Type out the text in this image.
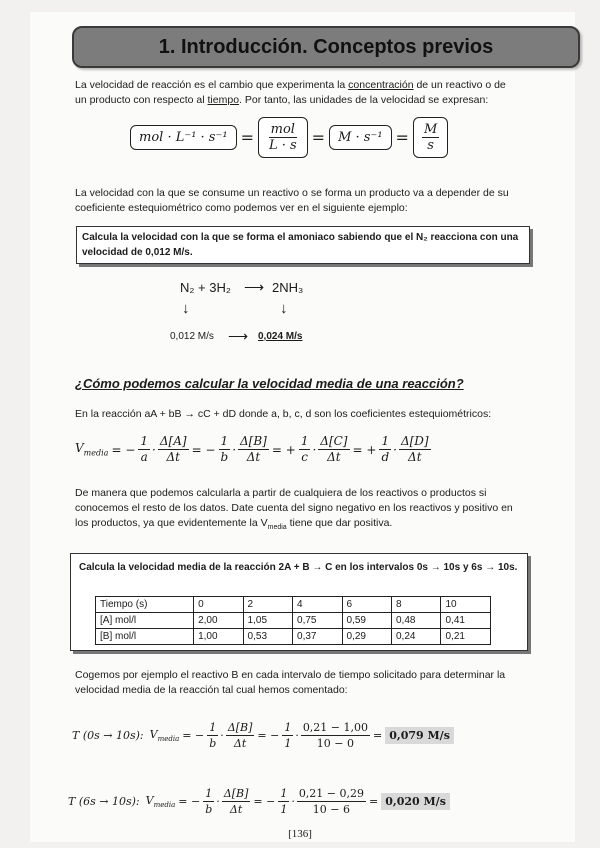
1. Introducción. Conceptos previos
La velocidad de reacción es el cambio que experimenta la concentración de un reactivo o de
un producto con respecto al tiempo. Por tanto, las unidades de la velocidad se expresan:
mol · $L^{-1} \cdot s^{-1} = \frac{\text{mol}}{L \cdot s}$ =	$M \cdot s^{-1} = \frac{M}{s}$
La velocidad con la que se consume un reactivo o se forma un producto va a depender de su
coeficiente estequiométrico como podemos ver en el siguiente ejemplo:
Calcula la velocidad con la que se forma el amoniaco sabiendo que el N₂ reacciona con una
velocidad de 0,012 M/s.
N₂ + 3H₂ ⟶ 2NH₃
↓	↓
0,012 M/s ⟶ 0,024 M/s
¿Cómo podemos calcular la velocidad media de una reacción?
En la reacción aA + bB → cC + dD donde a, b, c, d son los coeficientes estequiométricos:
$V_{media}$ = − $\frac{1}{a} \cdot \frac{\Delta[A]}{\Delta t}$ = − $\frac{1}{b} \cdot \frac{\Delta[B]}{\Delta t}$ = + $\frac{1}{c} \cdot \frac{\Delta[C]}{\Delta t}$ = + $\frac{1}{d} \cdot \frac{\Delta[D]}{\Delta t}$
De manera que podemos calcularla a partir de cualquiera de los reactivos o productos si
conocemos el resto de los datos. Date cuenta del signo negativo en los reactivos y positivo en
los productos, ya que evidentemente la $V_{media}$ tiene que dar positiva.
Calcula la velocidad media de la reacción 2A + B → C en los intervalos 0s → 10s y 6s → 10s.
Tiempo (s)	0	2	4	6	8	10
[A] mol/l	2,00	1,05	0,75	0,59	0,48	0,41
[B] mol/l	1,00	0,53	0,37	0,29	0,24	0,21
Cogemos por ejemplo el reactivo B en cada intervalo de tiempo solicitado para determinar la
velocidad media de la reacción tal cual hemos comentado:
T (0s → 10s): $V_{media}$ = − $\frac{1}{b} \cdot \frac{\Delta[B]}{\Delta t}$ = − $\frac{1}{1} \cdot \frac{0,21 - 1,00}{10 - 0} = 0,079$ M/s
T (6s → 10s): $V_{media}$ = − $\frac{1}{b} \cdot \frac{\Delta[B]}{\Delta t}$ = − $\frac{1}{1} \cdot \frac{0,21 - 0,29}{10 - 6} = 0,020$ M/s
[136]
